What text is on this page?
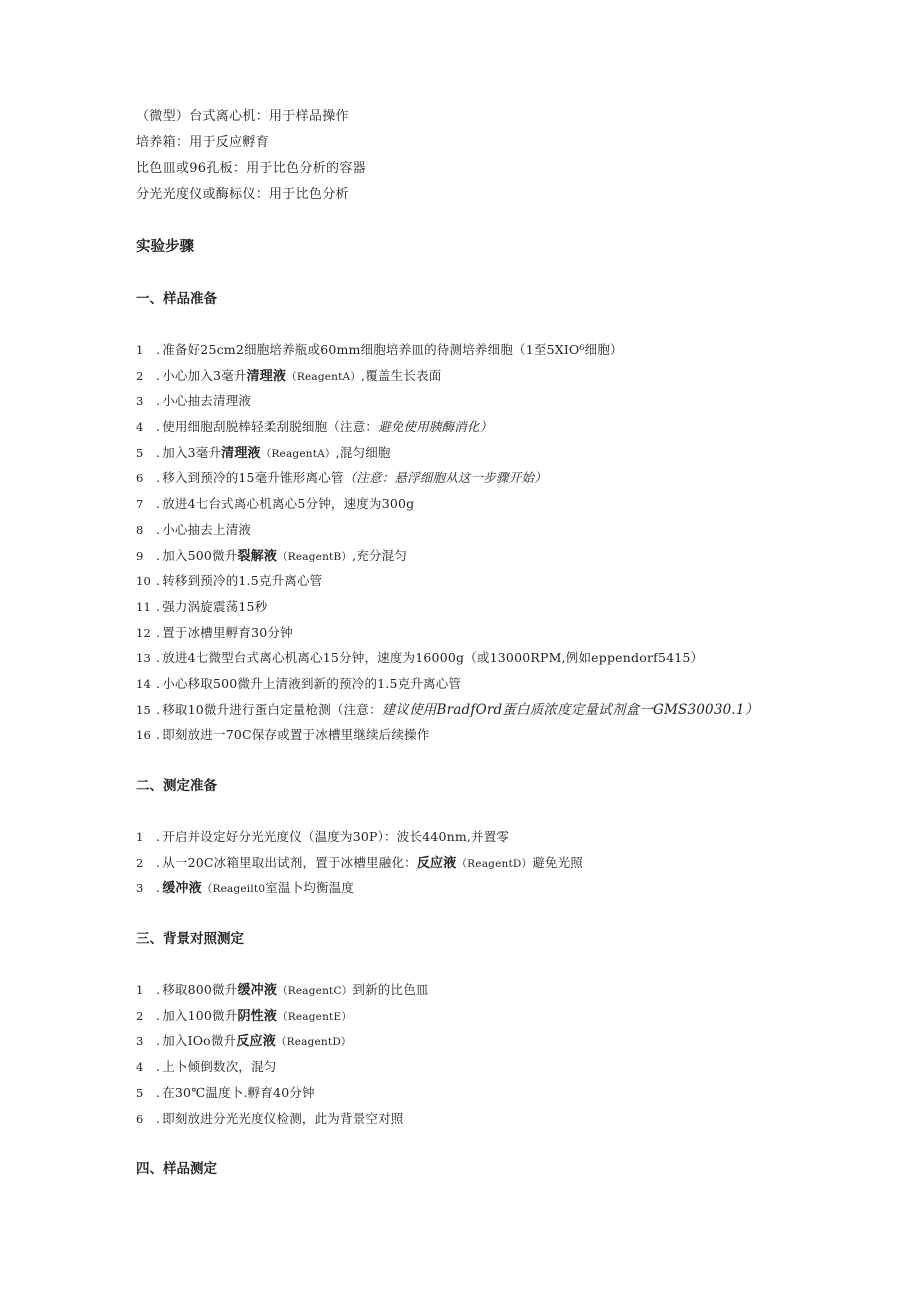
（微型）台式离心机：用于样品操作
培养箱：用于反应孵育
比色皿或96孔板：用于比色分析的容器
分光光度仪或酶标仪：用于比色分析
实验步骤
一、样品准备
1 . 准备好25cm2细胞培养瓶或60mm细胞培养皿的待测培养细胞（1至5XIO⁶细胞）
2 . 小心加入3毫升清理液（ReagentA）,覆盖生长表面
3 . 小心抽去清理液
4 . 使用细胞刮脱棒轻柔刮脱细胞（注意：避免使用胰酶消化）
5 . 加入3毫升清理液（ReagentA）,混匀细胞
6 . 移入到预冷的15毫升锥形离心管（注意：悬浮细胞从这一步骤开始）
7 . 放进4七台式离心机离心5分钟，速度为300g
8 . 小心抽去上清液
9 . 加入500微升裂解液（ReagentB）,充分混匀
10 . 转移到预冷的1.5克升离心管
11 . 强力涡旋震荡15秒
12 . 置于冰槽里孵育30分钟
13 . 放进4七微型台式离心机离心15分钟，速度为16000g（或13000RPM,例如eppendorf5415）
14 . 小心移取500微升上清液到新的预冷的1.5克升离心管
15 . 移取10微升进行蛋白定量枪测（注意：建议使用BradfOrd蛋白质浓度定量试剂盒一GMS30030.1）
16 . 即刻放进一70C保存或置于冰槽里继续后续操作
二、测定准备
1 . 开启并设定好分光光度仪（温度为30P）：波长440nm,并置零
2 . 从一20C冰箱里取出试剂，置于冰槽里融化：反应液（ReagentD）避免光照
3 . 缓冲液（Reageilt0室温卜均衡温度
三、背景对照测定
1 . 移取800微升缓冲液（ReagentC）到新的比色皿
2 . 加入100微升阴性液（ReagentE）
3 . 加入IOo微升反应液（ReagentD）
4 . 上卜倾倒数次，混匀
5 . 在30℃温度卜.孵育40分钟
6 . 即刻放进分光光度仪检测，此为背景空对照
四、样品测定
